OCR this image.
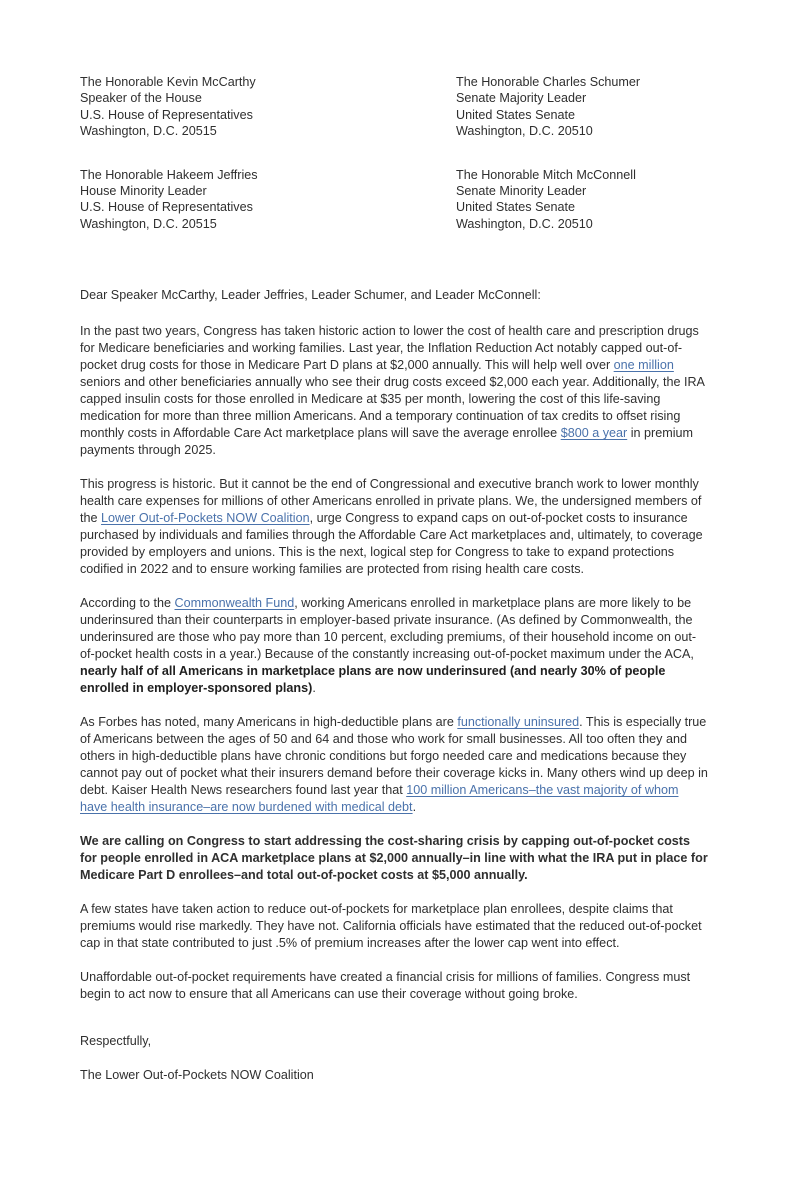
The Honorable Kevin McCarthy
Speaker of the House
U.S. House of Representatives
Washington, D.C. 20515
The Honorable Hakeem Jeffries
House Minority Leader
U.S. House of Representatives
Washington, D.C. 20515
The Honorable Charles Schumer
Senate Majority Leader
United States Senate
Washington, D.C. 20510
The Honorable Mitch McConnell
Senate Minority Leader
United States Senate
Washington, D.C. 20510

Dear Speaker McCarthy, Leader Jeffries, Leader Schumer, and Leader McConnell:

In the past two years, Congress has taken historic action to lower the cost of health care and prescription drugs for Medicare beneficiaries and working families. Last year, the Inflation Reduction Act notably capped out-of-pocket drug costs for those in Medicare Part D plans at $2,000 annually. This will help well over one million seniors and other beneficiaries annually who see their drug costs exceed $2,000 each year. Additionally, the IRA capped insulin costs for those enrolled in Medicare at $35 per month, lowering the cost of this life-saving medication for more than three million Americans. And a temporary continuation of tax credits to offset rising monthly costs in Affordable Care Act marketplace plans will save the average enrollee $800 a year in premium payments through 2025.

This progress is historic. But it cannot be the end of Congressional and executive branch work to lower monthly health care expenses for millions of other Americans enrolled in private plans. We, the undersigned members of the Lower Out-of-Pockets NOW Coalition, urge Congress to expand caps on out-of-pocket costs to insurance purchased by individuals and families through the Affordable Care Act marketplaces and, ultimately, to coverage provided by employers and unions. This is the next, logical step for Congress to take to expand protections codified in 2022 and to ensure working families are protected from rising health care costs.

According to the Commonwealth Fund, working Americans enrolled in marketplace plans are more likely to be underinsured than their counterparts in employer-based private insurance. (As defined by Commonwealth, the underinsured are those who pay more than 10 percent, excluding premiums, of their household income on out-of-pocket health costs in a year.) Because of the constantly increasing out-of-pocket maximum under the ACA, nearly half of all Americans in marketplace plans are now underinsured (and nearly 30% of people enrolled in employer-sponsored plans).

As Forbes has noted, many Americans in high-deductible plans are functionally uninsured. This is especially true of Americans between the ages of 50 and 64 and those who work for small businesses. All too often they and others in high-deductible plans have chronic conditions but forgo needed care and medications because they cannot pay out of pocket what their insurers demand before their coverage kicks in. Many others wind up deep in debt. Kaiser Health News researchers found last year that 100 million Americans–the vast majority of whom have health insurance–are now burdened with medical debt.

We are calling on Congress to start addressing the cost-sharing crisis by capping out-of-pocket costs for people enrolled in ACA marketplace plans at $2,000 annually–in line with what the IRA put in place for Medicare Part D enrollees–and total out-of-pocket costs at $5,000 annually.

A few states have taken action to reduce out-of-pockets for marketplace plan enrollees, despite claims that premiums would rise markedly. They have not. California officials have estimated that the reduced out-of-pocket cap in that state contributed to just .5% of premium increases after the lower cap went into effect.

Unaffordable out-of-pocket requirements have created a financial crisis for millions of families. Congress must begin to act now to ensure that all Americans can use their coverage without going broke.

Respectfully,

The Lower Out-of-Pockets NOW Coalition
